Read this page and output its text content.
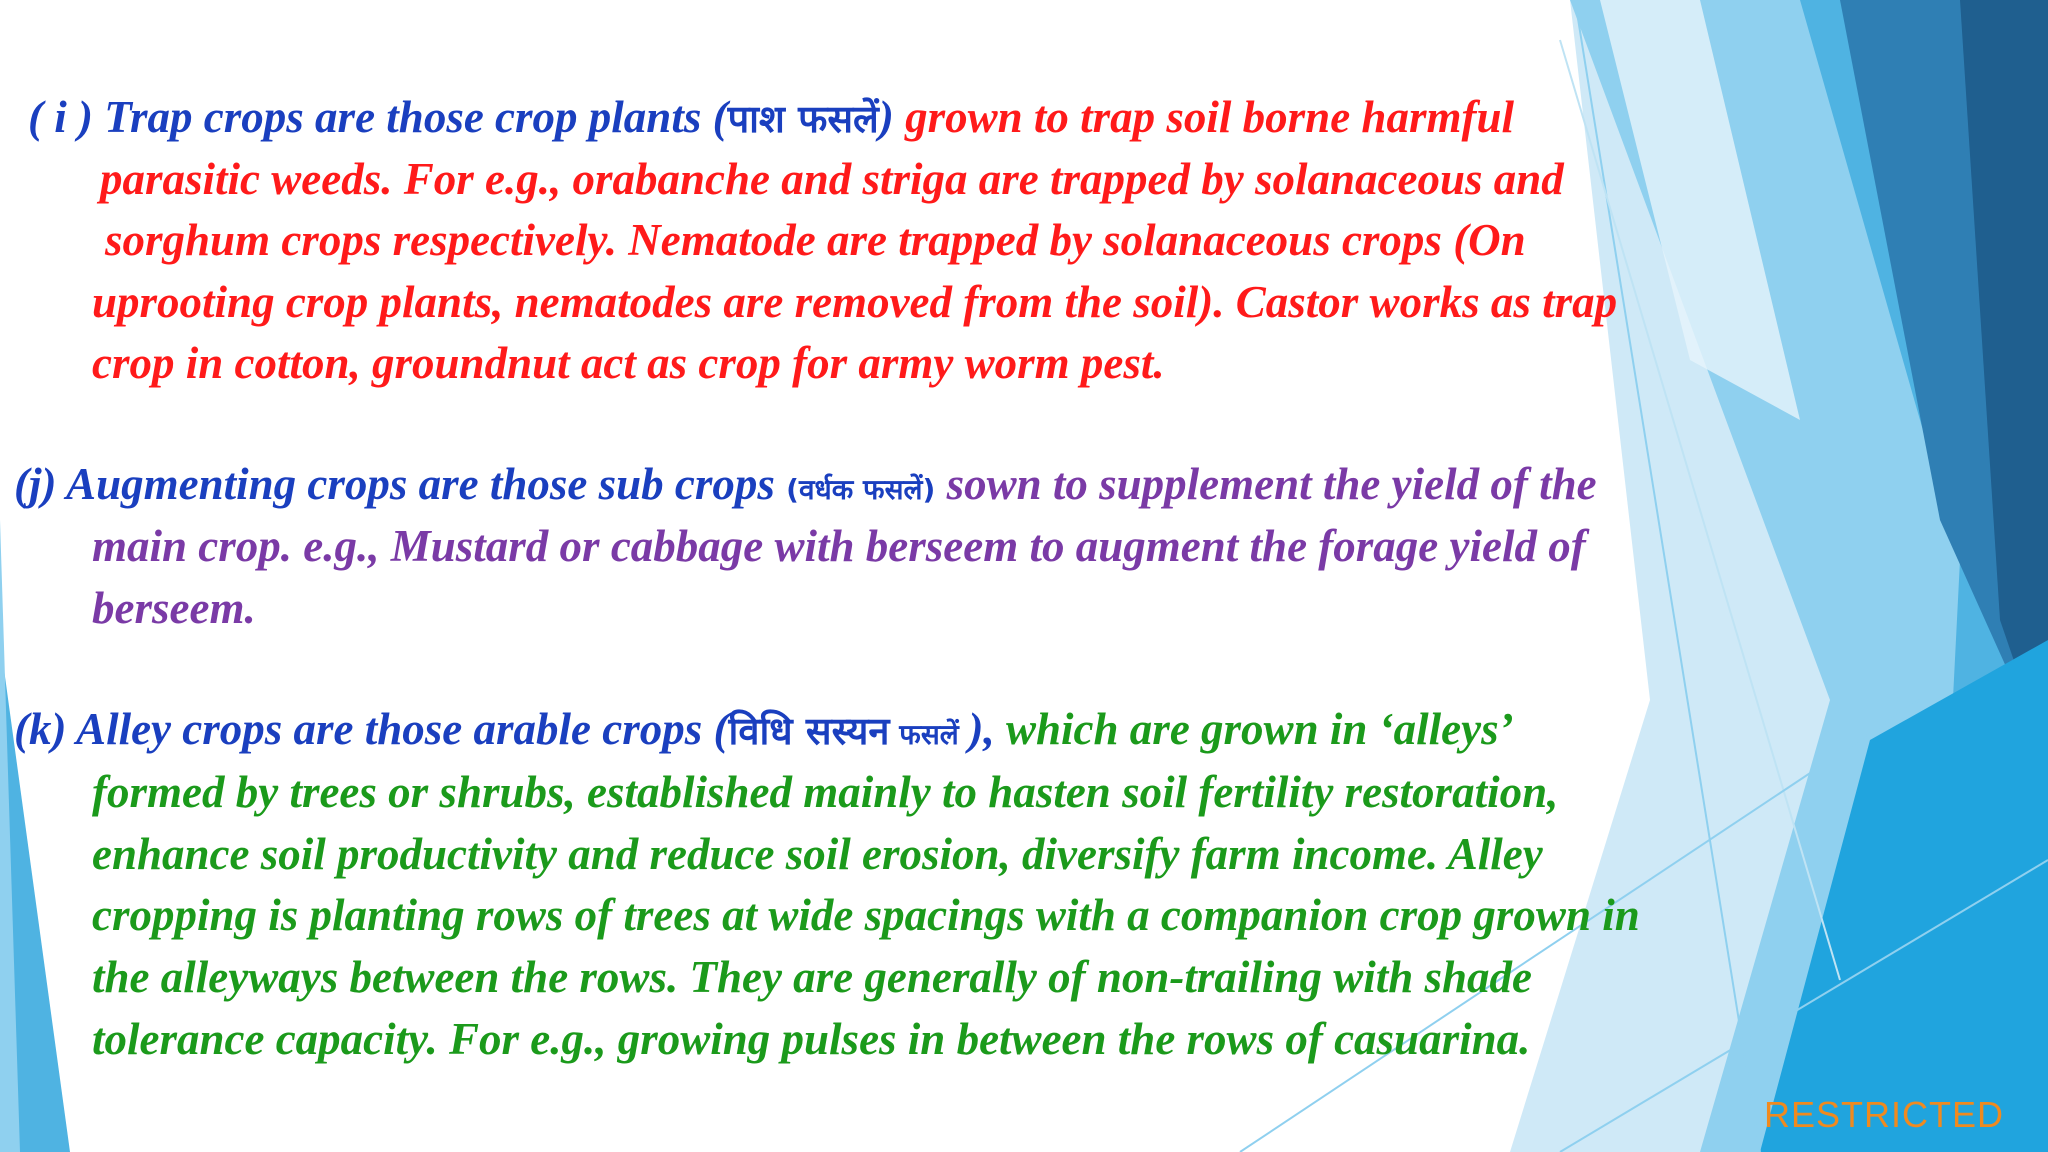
( i ) Trap crops are those crop plants (पाश फसलें) grown to trap soil borne harmful
parasitic weeds. For e.g., orabanche and striga are trapped by solanaceous and
sorghum crops respectively. Nematode are trapped by solanaceous crops (On
uprooting crop plants, nematodes are removed from the soil). Castor works as trap
crop in cotton, groundnut act as crop for army worm pest.
(j) Augmenting crops are those sub crops (वर्धक फसलें) sown to supplement the yield of the
main crop. e.g., Mustard or cabbage with berseem to augment the forage yield of
berseem.
(k) Alley crops are those arable crops (विधि सस्यन फसलें ), which are grown in ‘alleys’
formed by trees or shrubs, established mainly to hasten soil fertility restoration,
enhance soil productivity and reduce soil erosion, diversify farm income. Alley
cropping is planting rows of trees at wide spacings with a companion crop grown in
the alleyways between the rows. They are generally of non-trailing with shade
tolerance capacity. For e.g., growing pulses in between the rows of casuarina.
RESTRICTED
